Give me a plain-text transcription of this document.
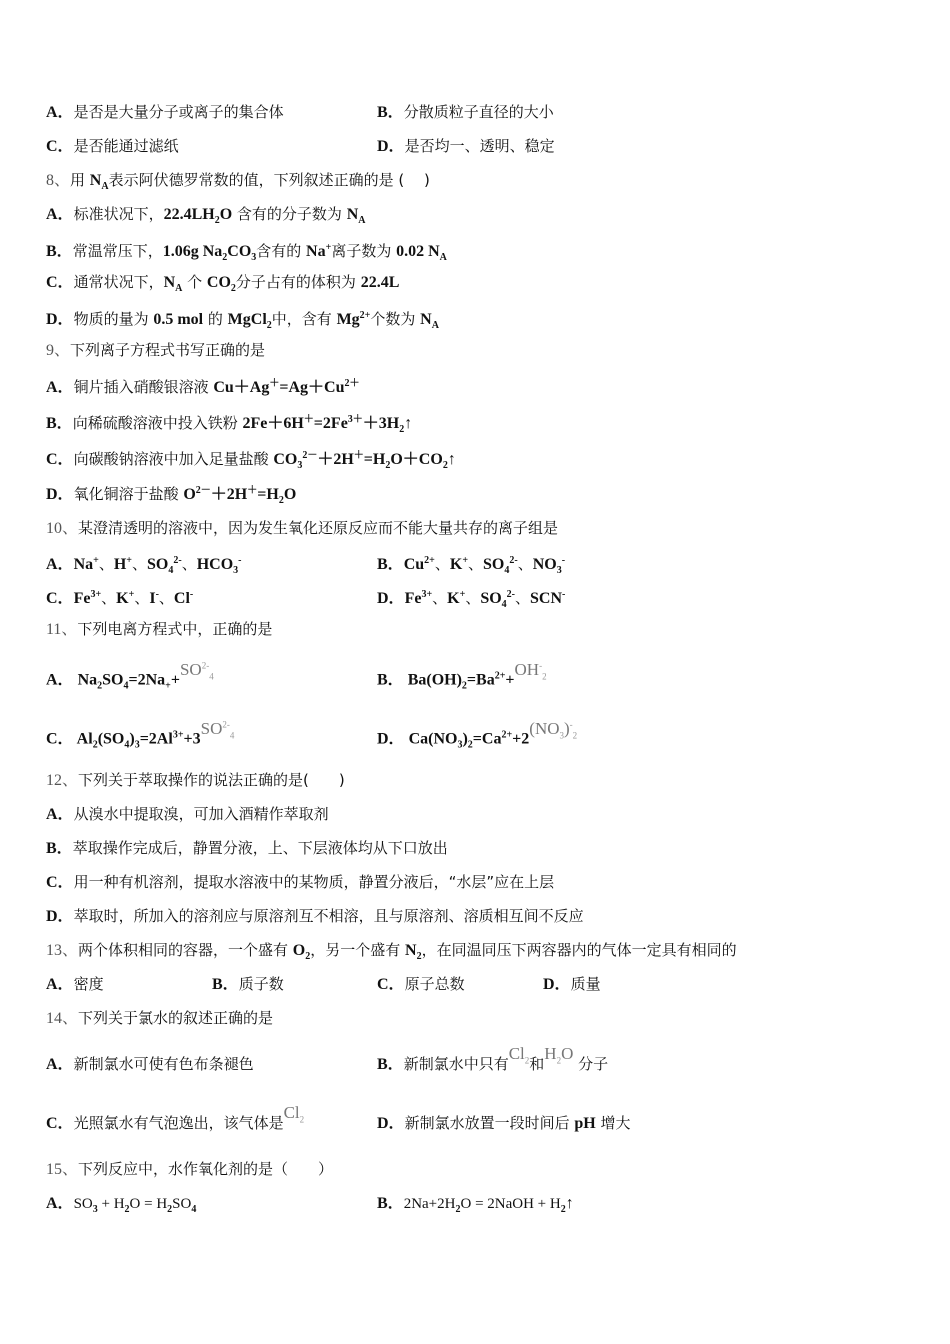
A．是否是大量分子或离子的集合体	B．分散质粒子直径的大小
C．是否能通过滤纸	D．是否均一、透明、稳定
8、用 $N_A$表示阿伏德罗常数的值，下列叙述正确的是 (　 )
A．标准状况下，$22.4LH_2O$ 含有的分子数为 $N_A$
B．常温常压下，1.06g $Na_2CO_3$含有的 Na+离子数为 0.02 $N_A$
C．通常状况下，$N_A$ 个 $CO_2$分子占有的体积为 22.4L
D．物质的量为 0.5 mol 的 MgCl$_2$中，含有 $Mg^{2+}$个数为 $N_A$
9、下列离子方程式书写正确的是
A．铜片插入硝酸银溶液 $Cu+Ag^+=Ag+Cu^{2+}$
B．向稀硫酸溶液中投入铁粉 $2Fe+6H^+=2Fe^{3+}+3H_2↑$
C．向碳酸钠溶液中加入足量盐酸 $CO_3^{2-}+2H^+=H_2O+CO_2↑$
D．氧化铜溶于盐酸 $O^{2-}+2H^+=H_2O$
10、某澄清透明的溶液中，因为发生氧化还原反应而不能大量共存的离子组是
A．Na+、H+、$SO_4^{2-}$、$HCO_3^-$	B．$Cu^{2+}$、K+、$SO_4^{2-}$、$NO_3^-$
C．$Fe^{3+}$、K+、I-、Cl-	D．$Fe^{3+}$、K+、$SO_4^{2-}$、SCN-
11、下列电离方程式中，正确的是
A． $Na_2SO_4=2Na_++SO^{2-}_4$	B． $Ba(OH)_2=Ba^{2+}+OH^-_2$
C． $Al_2(SO_4)_3=2Al^{3+}+3SO^{2-}_4$	D． $Ca(NO_3)_2=Ca^{2+}+2(NO_3)^-_2$
12、下列关于萃取操作的说法正确的是(　　)
A．从溴水中提取溴，可加入酒精作萃取剂
B．萃取操作完成后，静置分液，上、下层液体均从下口放出
C．用一种有机溶剂，提取水溶液中的某物质，静置分液后，“水层”应在上层
D．萃取时，所加入的溶剂应与原溶剂互不相溶，且与原溶剂、溶质相互间不反应
13、两个体积相同的容器，一个盛有 $O_2$，另一个盛有 $N_2$，在同温同压下两容器内的气体一定具有相同的
A．密度	B．质子数	C．原子总数	D．质量
14、下列关于氯水的叙述正确的是
A．新制氯水可使有色布条褪色	B．新制氯水中只有$Cl_2$和$H_2O$ 分子
C．光照氯水有气泡逸出，该气体是$Cl_2$	D．新制氯水放置一段时间后 pH 增大
15、下列反应中，水作氧化剂的是（　　）
A．$SO_3 + H_2O = H_2SO_4$	B．$2Na+2H_2O$ = 2NaOH + $H_2↑$
